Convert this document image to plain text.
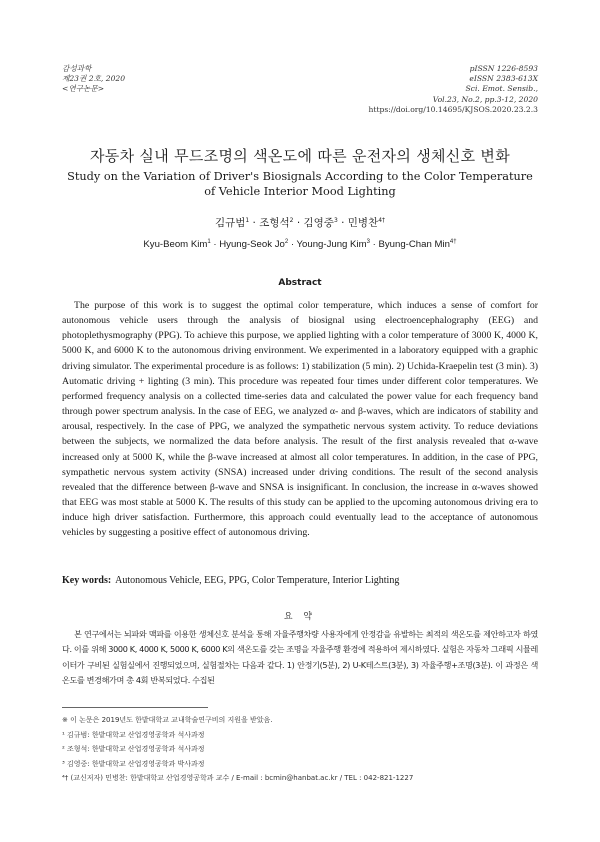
감성과학
제23권 2호, 2020
<연구논문>
pISSN 1226-8593
eISSN 2383-613X
Sci. Emot. Sensib.,
Vol.23, No.2, pp.3-12, 2020
https://doi.org/10.14695/KJSOS.2020.23.2.3
자동차 실내 무드조명의 색온도에 따른 운전자의 생체신호 변화
Study on the Variation of Driver's Biosignals According to the Color Temperature
of Vehicle Interior Mood Lighting
김규범$^1$ · 조형석$^2$ · 김영중$^3$ · 민병찬$^{4\dagger}$
Kyu-Beom Kim$^1$ · Hyung-Seok $Jo^2$ · Young-Jung Kim$^3$ · Byung-Chan Min$^{4\dagger}$
Abstract

The purpose of this work is to suggest the optimal color temperature, which induces a sense of comfort for autonomous vehicle users through the analysis of biosignal using electroencephalography (EEG) and photoplethysmography (PPG). To achieve this purpose, we applied lighting with a color temperature of 3000 K, 4000 K, 5000 K, and 6000 K to the autonomous driving environment. We experimented in a laboratory equipped with a graphic driving simulator. The experimental procedure is as follows: 1) stabilization (5 min). 2) Uchida-Kraepelin test (3 min). 3) Automatic driving + lighting (3 min). This procedure was repeated four times under different color temperatures. We performed frequency analysis on a collected time-series data and calculated the power value for each frequency band through power spectrum analysis. In the case of EEG, we analyzed α- and β-waves, which are indicators of stability and arousal, respectively. In the case of PPG, we analyzed the sympathetic nervous system activity. To reduce deviations between the subjects, we normalized the data before analysis. The result of the first analysis revealed that α-wave increased only at 5000 K, while the β-wave increased at almost all color temperatures. In addition, in the case of PPG, sympathetic nervous system activity (SNSA) increased under driving conditions. The result of the second analysis revealed that the difference between β-wave and SNSA is insignificant. In conclusion, the increase in α-waves showed that EEG was most stable at 5000 K. The results of this study can be applied to the upcoming autonomous driving era to induce high driver satisfaction. Furthermore, this approach could eventually lead to the acceptance of autonomous vehicles by suggesting a positive effect of autonomous driving.

Key words: Autonomous Vehicle, EEG, PPG, Color Temperature, Interior Lighting
요 약

본 연구에서는 뇌파와 맥파를 이용한 생체신호 분석을 통해 자율주행차량 사용자에게 안정감을 유발하는 최적의 색온도를 제안하고자 하였다. 이를 위해 3000 K, 4000 K, 5000 K, 6000 K의 색온도를 갖는 조명을 자율주행 환경에 적용하여 제시하였다. 실험은 자동차 그래픽 시뮬레이터가 구비된 실험실에서 진행되었으며, 실험절차는 다음과 같다. 1) 안정기(5분), 2) U-K테스트(3분), 3) 자율주행+조명(3분). 이 과정은 색온도를 변경해가며 총 4회 반복되었다. 수집된

※ 이 논문은 2019년도 한밭대학교 교내학술연구비의 지원을 받았음.
¹ 김규범: 한밭대학교 산업경영공학과 석사과정
² 조형석: 한밭대학교 산업경영공학과 석사과정
³ 김영중: 한밭대학교 산업경영공학과 박사과정
⁴† (교신저자) 민병찬: 한밭대학교 산업경영공학과 교수 / E-mail : bcmin@hanbat.ac.kr / TEL : 042-821-1227
